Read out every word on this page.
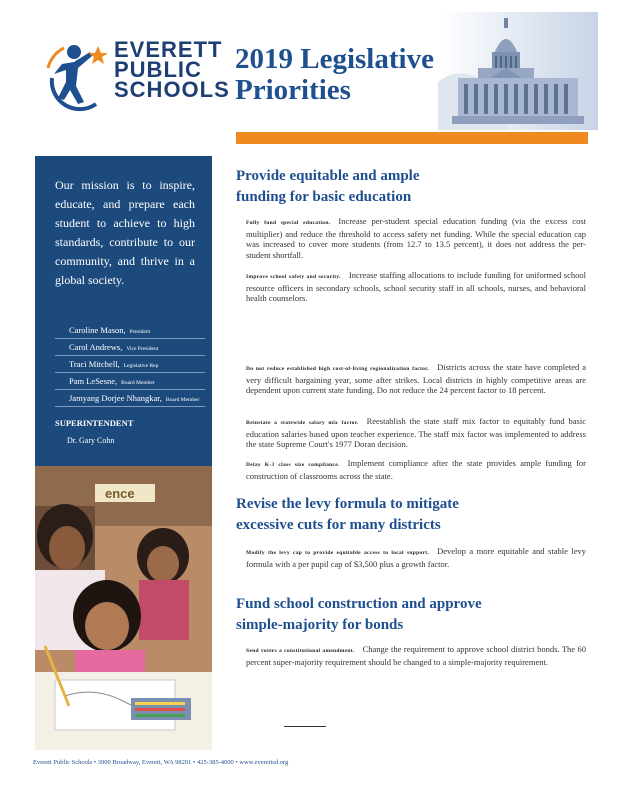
EVERETT
PUBLIC
SCHOOLS
2019 Legislative Priorities
Our mission is to inspire, educate, and prepare each student to achieve to high standards, contribute to our community, and thrive in a global society.
Caroline Mason, President
Carol Andrews, Vice President
Traci Mitchell, Legislative Rep
Pam LeSesne, Board Member
Jamyang Dorjee Nhangkar, Board Member
SUPERINTENDENT
Dr. Gary Cohn
ence
Provide equitable and ample
funding for basic education
Fully fund special education. Increase per-student special education funding (via the excess cost multiplier) and reduce the threshold to access safety net funding. While the special education cap was increased to cover more students (from 12.7 to 13.5 percent), it does not address the per-student shortfall.
Improve school safety and security. Increase staffing allocations to include funding for uniformed school resource officers in secondary schools, school security staff in all schools, nurses, and behavioral health counselors.
Do not reduce established high cost-of-living regionalization factor. Districts across the state have completed a very difficult bargaining year, some after strikes. Local districts in highly competitive areas are dependent upon current state funding. Do not reduce the 24 percent factor to 18 percent.
Reinstate a statewide salary mix factor. Reestablish the state staff mix factor to equitably fund basic education salaries based upon teacher experience. The staff mix factor was implemented to address the state Supreme Court's 1977 Doran decision.
Delay K-3 class size compliance. Implement compliance after the state provides ample funding for construction of classrooms across the state.
Revise the levy formula to mitigate
excessive cuts for many districts
Modify the levy cap to provide equitable access to local support. Develop a more equitable and stable levy formula with a per pupil cap of $3,500 plus a growth factor.
Fund school construction and approve
simple-majority for bonds
Send voters a constitutional amendment. Change the requirement to approve school district bonds. The 60 percent super-majority requirement should be changed to a simple-majority requirement.
Everett Public Schools • 3900 Broadway, Everett, WA 98201 • 425-385-4000 • www.everettsd.org
